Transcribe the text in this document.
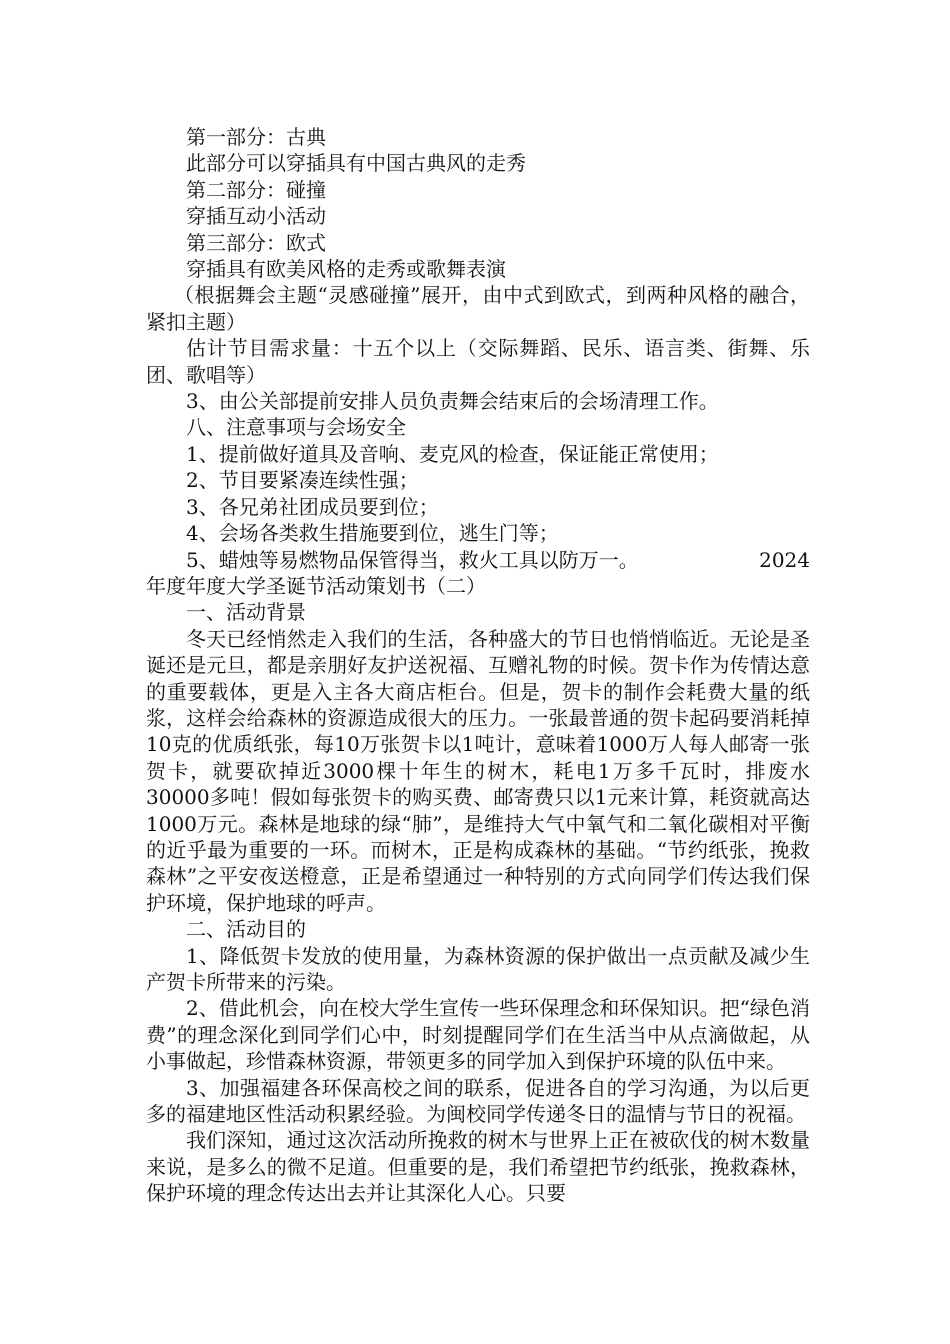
第一部分：古典

此部分可以穿插具有中国古典风的走秀

第二部分：碰撞

穿插互动小活动

第三部分：欧式

穿插具有欧美风格的走秀或歌舞表演

（根据舞会主题“灵感碰撞”展开，由中式到欧式，到两种风格的融合，紧扣主题）

估计节目需求量：十五个以上（交际舞蹈、民乐、语言类、街舞、乐团、歌唱等）

3、由公关部提前安排人员负责舞会结束后的会场清理工作。

八、注意事项与会场安全

1、提前做好道具及音响、麦克风的检查，保证能正常使用；

2、节目要紧凑连续性强；

3、各兄弟社团成员要到位；

4、会场各类救生措施要到位，逃生门等；

5、蜡烛等易燃物品保管得当，救火工具以防万一。	2024

年度年度大学圣诞节活动策划书（二）

一、活动背景

冬天已经悄然走入我们的生活，各种盛大的节日也悄悄临近。无论是圣诞还是元旦，都是亲朋好友护送祝福、互赠礼物的时候。贺卡作为传情达意的重要载体，更是入主各大商店柜台。但是，贺卡的制作会耗费大量的纸浆，这样会给森林的资源造成很大的压力。一张最普通的贺卡起码要消耗掉10克的优质纸张，每10万张贺卡以1吨计，意味着1000万人每人邮寄一张贺卡，就要砍掉近3000棵十年生的树木，耗电1万多千瓦时，排废水30000多吨！假如每张贺卡的购买费、邮寄费只以1元来计算，耗资就高达1000万元。森林是地球的绿“肺”，是维持大气中氧气和二氧化碳相对平衡的近乎最为重要的一环。而树木，正是构成森林的基础。“节约纸张，挽救森林”之平安夜送橙意，正是希望通过一种特别的方式向同学们传达我们保护环境，保护地球的呼声。

二、活动目的

1、降低贺卡发放的使用量，为森林资源的保护做出一点贡献及减少生产贺卡所带来的污染。

2、借此机会，向在校大学生宣传一些环保理念和环保知识。把“绿色消费”的理念深化到同学们心中，时刻提醒同学们在生活当中从点滴做起，从小事做起，珍惜森林资源，带领更多的同学加入到保护环境的队伍中来。

3、加强福建各环保高校之间的联系，促进各自的学习沟通，为以后更多的福建地区性活动积累经验。为闽校同学传递冬日的温情与节日的祝福。

我们深知，通过这次活动所挽救的树木与世界上正在被砍伐的树木数量来说，是多么的微不足道。但重要的是，我们希望把节约纸张，挽救森林，保护环境的理念传达出去并让其深化人心。只要
